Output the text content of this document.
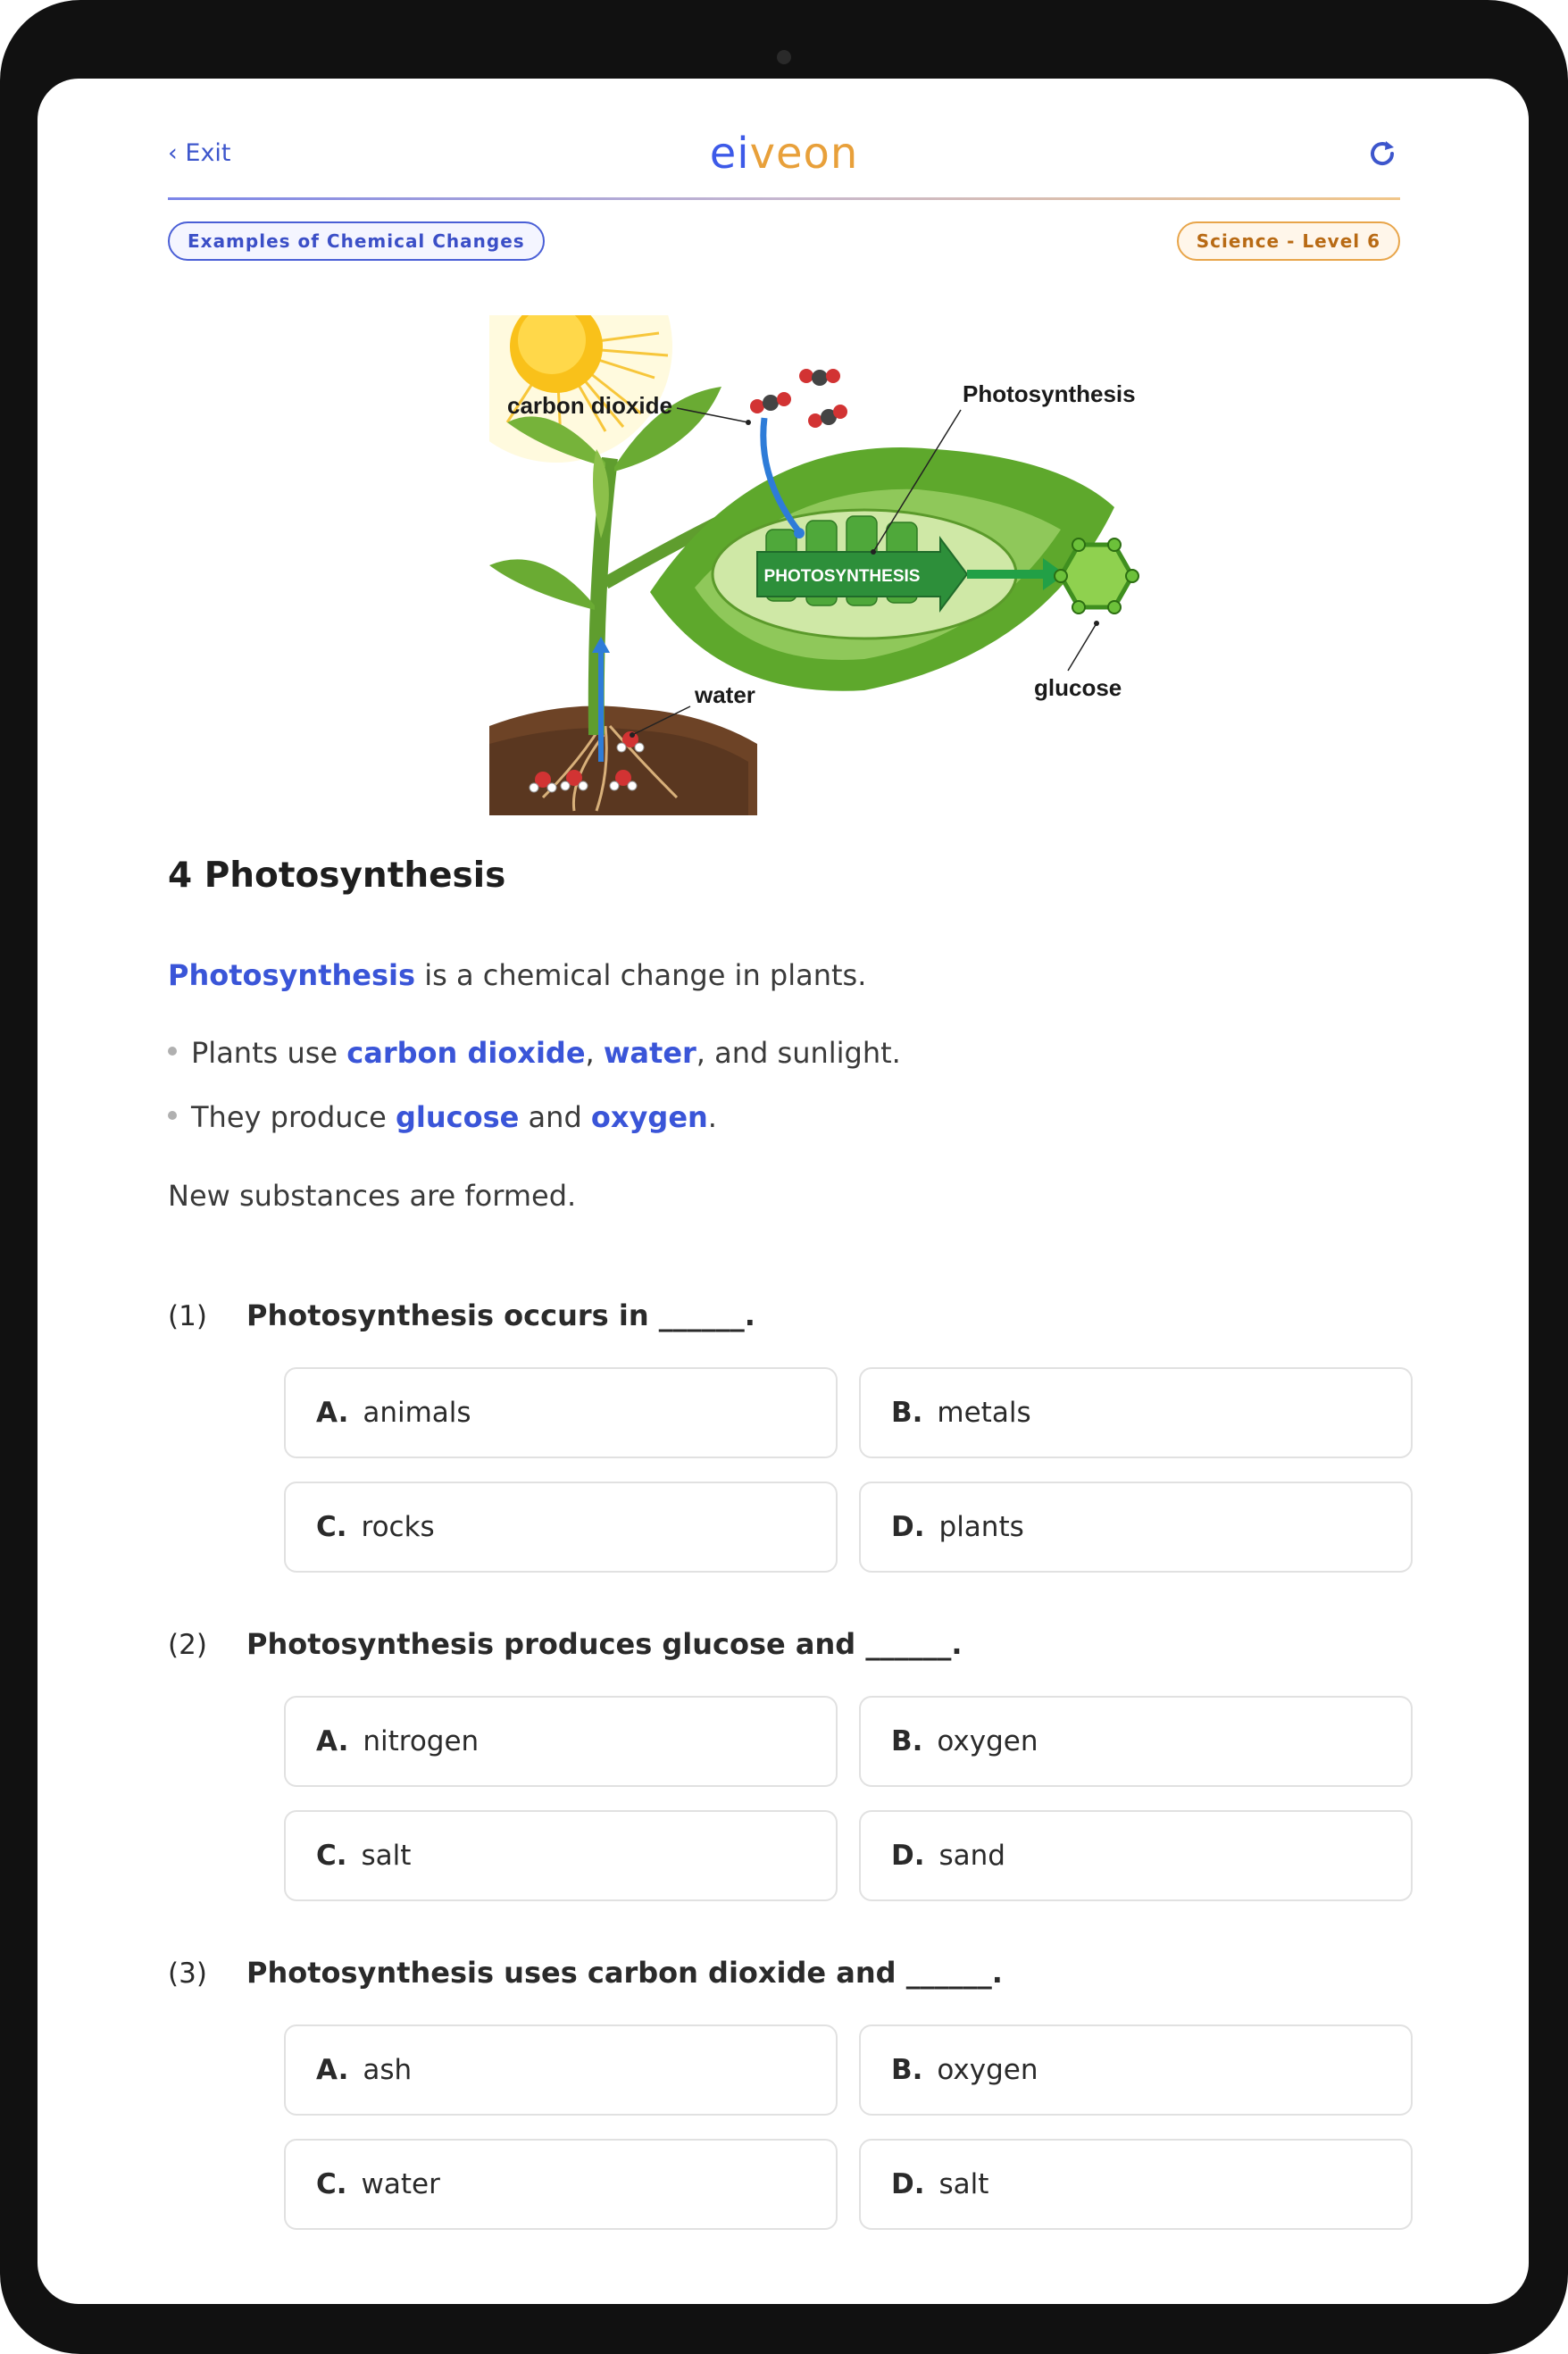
‹ Exit	eiveon
Examples of Chemical Changes	Science - Level 6
PHOTOSYNTHESIS
carbon dioxide	Photosynthesis
water	glucose
4 Photosynthesis
Photosynthesis is a chemical change in plants.
Plants use carbon dioxide, water, and sunlight.
They produce glucose and oxygen.
New substances are formed.
(1) Photosynthesis occurs in ______.
A. animals	B. metals
C. rocks	D. plants
(2) Photosynthesis produces glucose and ______.
A. nitrogen	B. oxygen
C. salt	D. sand
(3) Photosynthesis uses carbon dioxide and ______.
A. ash	B. oxygen
C. water	D. salt
